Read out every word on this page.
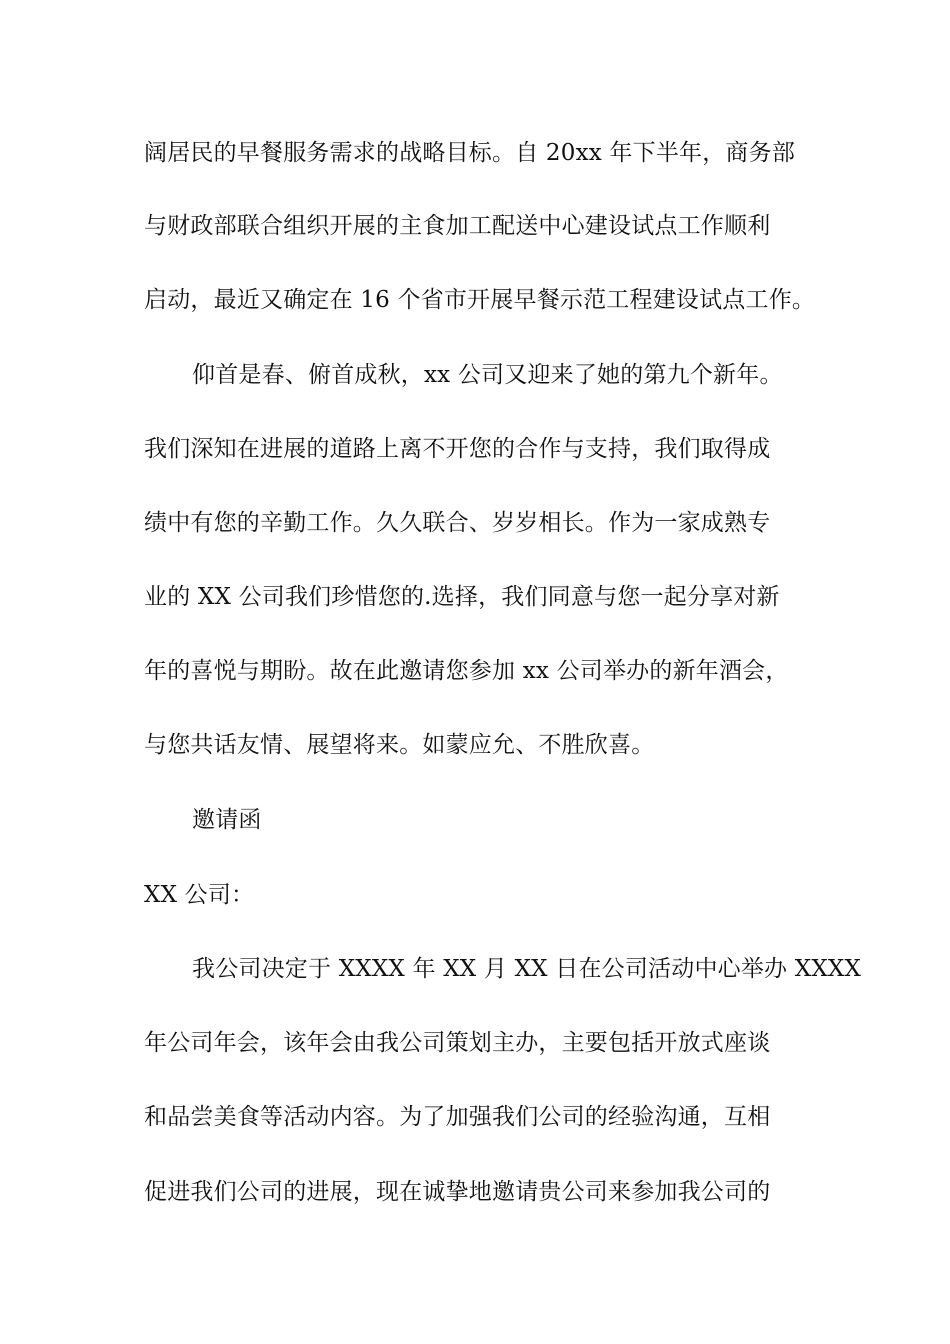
阔居民的早餐服务需求的战略目标。自 20xx 年下半年，商务部
与财政部联合组织开展的主食加工配送中心建设试点工作顺利
启动，最近又确定在 16 个省市开展早餐示范工程建设试点工作。
仰首是春、俯首成秋，xx 公司又迎来了她的第九个新年。
我们深知在进展的道路上离不开您的合作与支持，我们取得成
绩中有您的辛勤工作。久久联合、岁岁相长。作为一家成熟专
业的 XX 公司我们珍惜您的.选择，我们同意与您一起分享对新
年的喜悦与期盼。故在此邀请您参加 xx 公司举办的新年酒会，
与您共话友情、展望将来。如蒙应允、不胜欣喜。
邀请函
XX 公司：
我公司决定于 XXXX 年 XX 月 XX 日在公司活动中心举办 XXXX
年公司年会，该年会由我公司策划主办，主要包括开放式座谈
和品尝美食等活动内容。为了加强我们公司的经验沟通，互相
促进我们公司的进展，现在诚挚地邀请贵公司来参加我公司的
